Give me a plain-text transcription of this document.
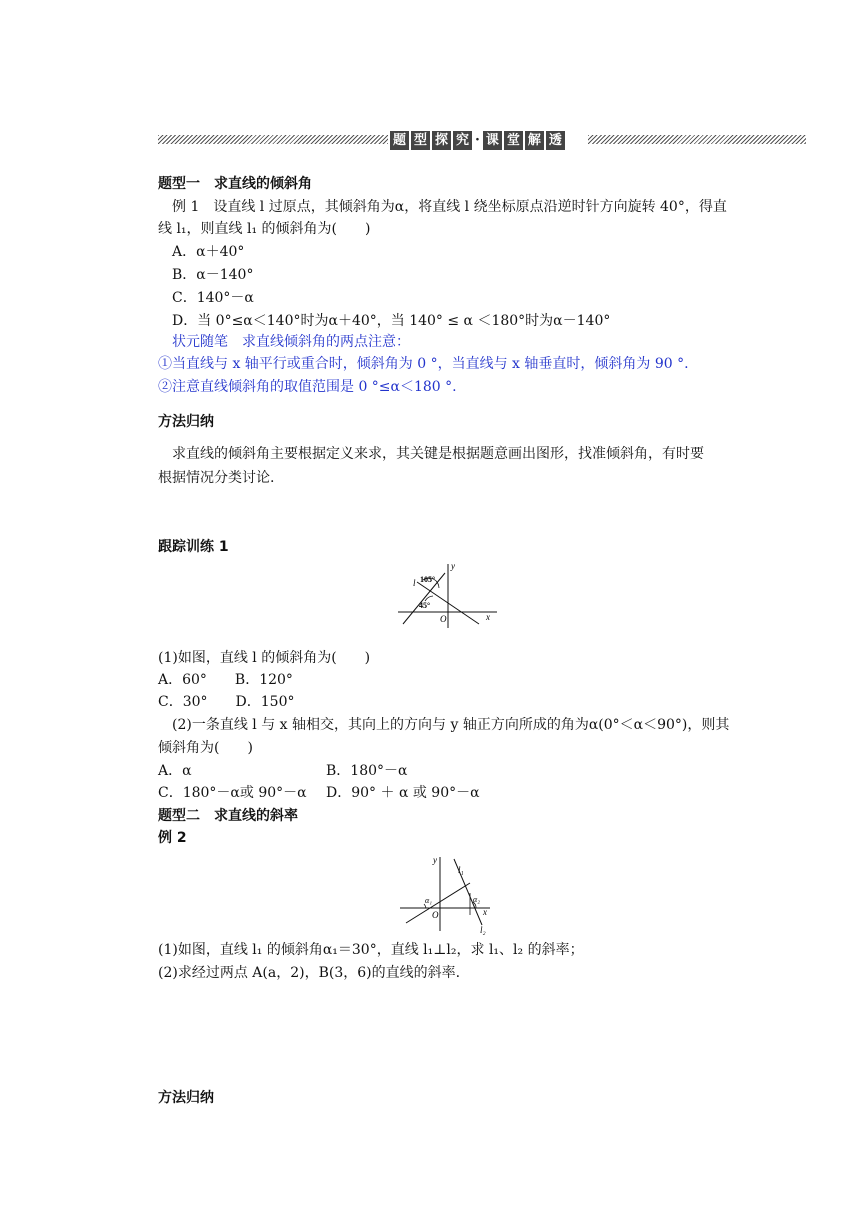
题 型 探 究 · 课 堂 解 透
题型一　求直线的倾斜角
例 1　设直线 l 过原点，其倾斜角为α，将直线 l 绕坐标原点沿逆时针方向旋转 40°，得直
线 l₁，则直线 l₁ 的倾斜角为(　　)
A．α＋40°
B．α－140°
C．140°－α
D．当 0°≤α＜140°时为α＋40°，当 140° ≤ α ＜180°时为α－140°
状元随笔　求直线倾斜角的两点注意：
①当直线与 x 轴平行或重合时，倾斜角为 0 °，当直线与 x 轴垂直时，倾斜角为 90 °.
②注意直线倾斜角的取值范围是 0 °≤α＜180 °.
方法归纳
求直线的倾斜角主要根据定义来求，其关键是根据题意画出图形，找准倾斜角，有时要
根据情况分类讨论.
跟踪训练 1
y
x
O
l 105°
45°
(1)如图，直线 l 的倾斜角为(　　)
A．60°　　B．120°
C．30°　　D．150°
(2)一条直线 l 与 x 轴相交，其向上的方向与 y 轴正方向所成的角为α(0°＜α＜90°)，则其
倾斜角为(　　)
A．α	B．180°－α
C．180°－α或 90°－α D．90° ＋ α 或 90°－α
题型二　求直线的斜率
例 2
y
x
O
l₁
l₂
α₁	α₂
(1)如图，直线 l₁ 的倾斜角α₁＝30°，直线 l₁⊥l₂，求 l₁、l₂ 的斜率；
(2)求经过两点 A(a，2)，B(3，6)的直线的斜率.
方法归纳
